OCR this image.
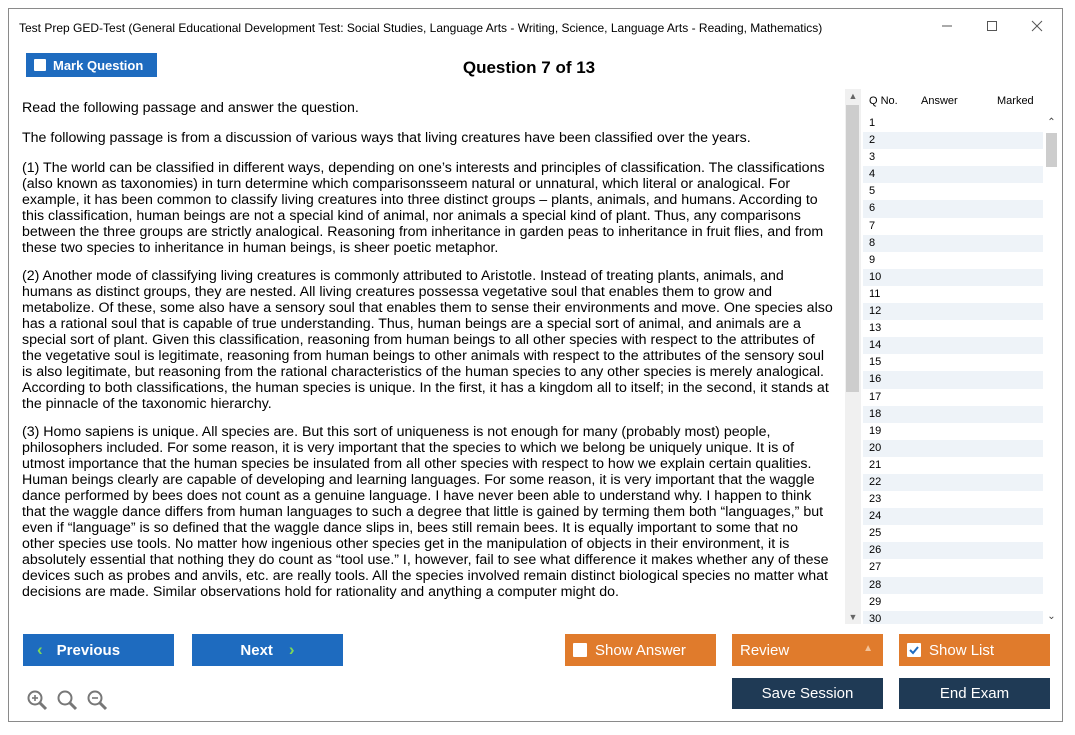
Test Prep GED-Test (General Educational Development Test: Social Studies, Language Arts - Writing, Science, Language Arts - Reading, Mathematics)
Mark Question	Question 7 of 13

Read the following passage and answer the question.

The following passage is from a discussion of various ways that living creatures have been classified over the years.

(1) The world can be classified in different ways, depending on one’s interests and principles of classification. The classifications (also known as taxonomies) in turn determine which comparisonsseem natural or unnatural, which literal or analogical. For example, it has been common to classify living creatures into three distinct groups – plants, animals, and humans. According to this classification, human beings are not a special kind of animal, nor animals a special kind of plant. Thus, any comparisons between the three groups are strictly analogical. Reasoning from inheritance in garden peas to inheritance in fruit flies, and from these two species to inheritance in human beings, is sheer poetic metaphor.

(2) Another mode of classifying living creatures is commonly attributed to Aristotle. Instead of treating plants, animals, and humans as distinct groups, they are nested. All living creatures possessa vegetative soul that enables them to grow and metabolize. Of these, some also have a sensory soul that enables them to sense their environments and move. One species also has a rational soul that is capable of true understanding. Thus, human beings are a special sort of animal, and animals are a special sort of plant. Given this classification, reasoning from human beings to all other species with respect to the attributes of the vegetative soul is legitimate, reasoning from human beings to other animals with respect to the attributes of the sensory soul is also legitimate, but reasoning from the rational characteristics of the human species to any other species is merely analogical. According to both classifications, the human species is unique. In the first, it has a kingdom all to itself; in the second, it stands at the pinnacle of the taxonomic hierarchy.

(3) Homo sapiens is unique. All species are. But this sort of uniqueness is not enough for many (probably most) people, philosophers included. For some reason, it is very important that the species to which we belong be uniquely unique. It is of utmost importance that the human species be insulated from all other species with respect to how we explain certain qualities. Human beings clearly are capable of developing and learning languages. For some reason, it is very important that the waggle dance performed by bees does not count as a genuine language. I have never been able to understand why. I happen to think that the waggle dance differs from human languages to such a degree that little is gained by terming them both “languages,” but even if “language” is so defined that the waggle dance slips in, bees still remain bees. It is equally important to some that no other species use tools. No matter how ingenious other species get in the manipulation of objects in their environment, it is absolutely essential that nothing they do count as “tool use.” I, however, fail to see what difference it makes whether any of these devices such as probes and anvils, etc. are really tools. All the species involved remain distinct biological species no matter what decisions are made. Similar observations hold for rationality and anything a computer might do.

▲
▼
Q No. Answer	Marked
1
2
3
4
5
6
7
8
9
10
11
12
13
14
15
16
17
18
19
20
21
22
23
24
25
26
27
28
29
30
⌃
⌄
‹ Previous	Next ›	Show Answer	Review	▲	Show List
Save Session	End Exam
